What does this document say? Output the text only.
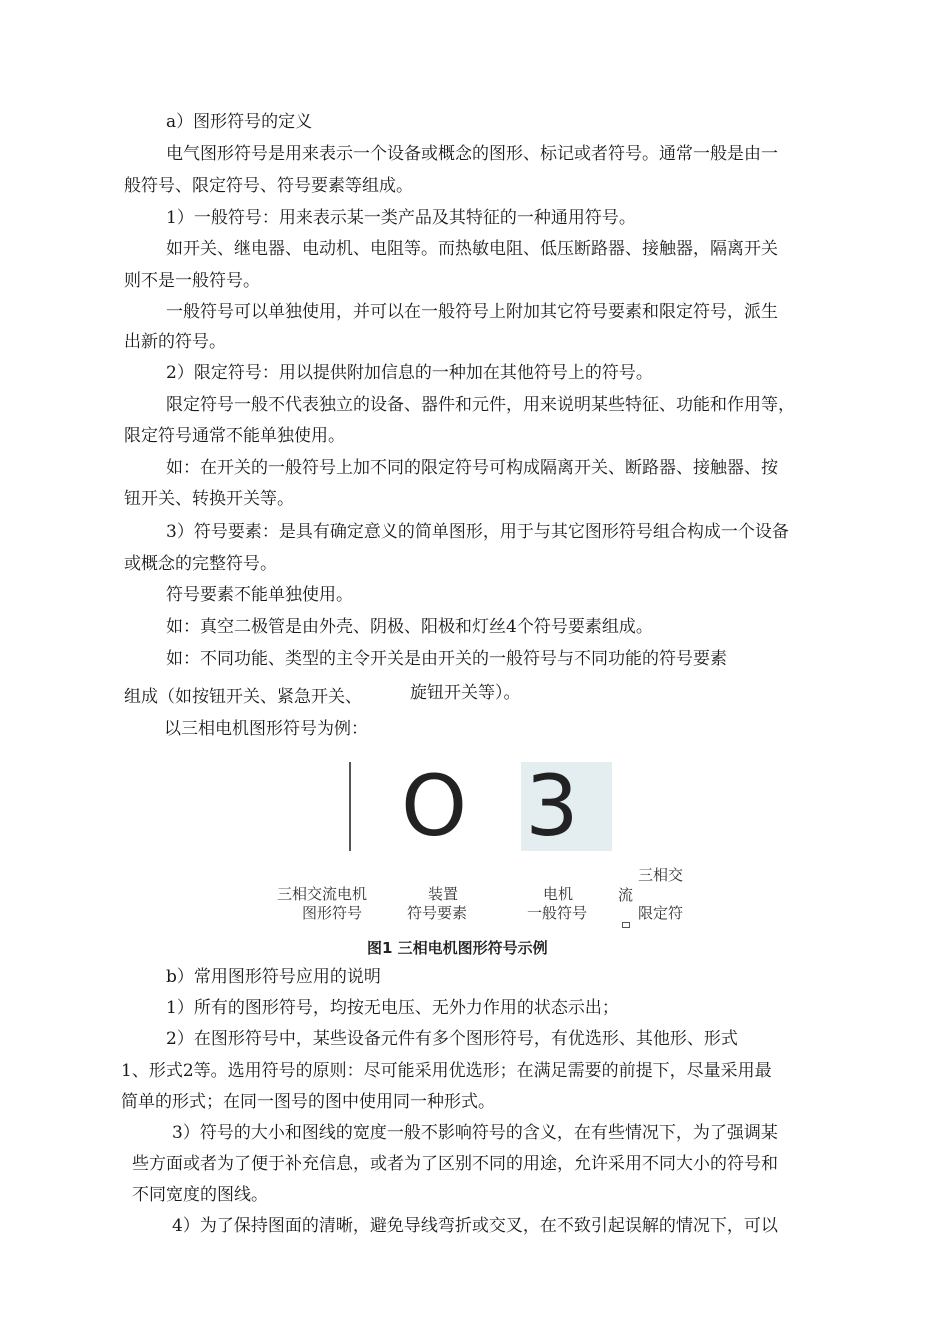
a）图形符号的定义
电气图形符号是用来表示一个设备或概念的图形、标记或者符号。通常一般是由一
般符号、限定符号、符号要素等组成。
1）一般符号：用来表示某一类产品及其特征的一种通用符号。
如开关、继电器、电动机、电阻等。而热敏电阻、低压断路器、接触器，隔离开关
则不是一般符号。
一般符号可以单独使用，并可以在一般符号上附加其它符号要素和限定符号，派生
出新的符号。
2）限定符号：用以提供附加信息的一种加在其他符号上的符号。
限定符号一般不代表独立的设备、器件和元件，用来说明某些特征、功能和作用等，
限定符号通常不能单独使用。
如：在开关的一般符号上加不同的限定符号可构成隔离开关、断路器、接触器、按
钮开关、转换开关等。
3）符号要素：是具有确定意义的简单图形，用于与其它图形符号组合构成一个设备
或概念的完整符号。
符号要素不能单独使用。
如：真空二极管是由外壳、阴极、阳极和灯丝4个符号要素组成。
如：不同功能、类型的主令开关是由开关的一般符号与不同功能的符号要素
组成（如按钮开关、紧急开关、	旋钮开关等）。
以三相电机图形符号为例：
O 3
三相交流电机
图形符号
装置
符号要素
电机
一般符号
流
三相交
限定符
图1 三相电机图形符号示例
b）常用图形符号应用的说明
1）所有的图形符号，均按无电压、无外力作用的状态示出；
2）在图形符号中，某些设备元件有多个图形符号，有优选形、其他形、形式
1、形式2等。选用符号的原则：尽可能采用优选形；在满足需要的前提下，尽量采用最
简单的形式；在同一图号的图中使用同一种形式。
3）符号的大小和图线的宽度一般不影响符号的含义，在有些情况下，为了强调某
些方面或者为了便于补充信息，或者为了区别不同的用途，允许采用不同大小的符号和
不同宽度的图线。
4）为了保持图面的清晰，避免导线弯折或交叉，在不致引起误解的情况下，可以
